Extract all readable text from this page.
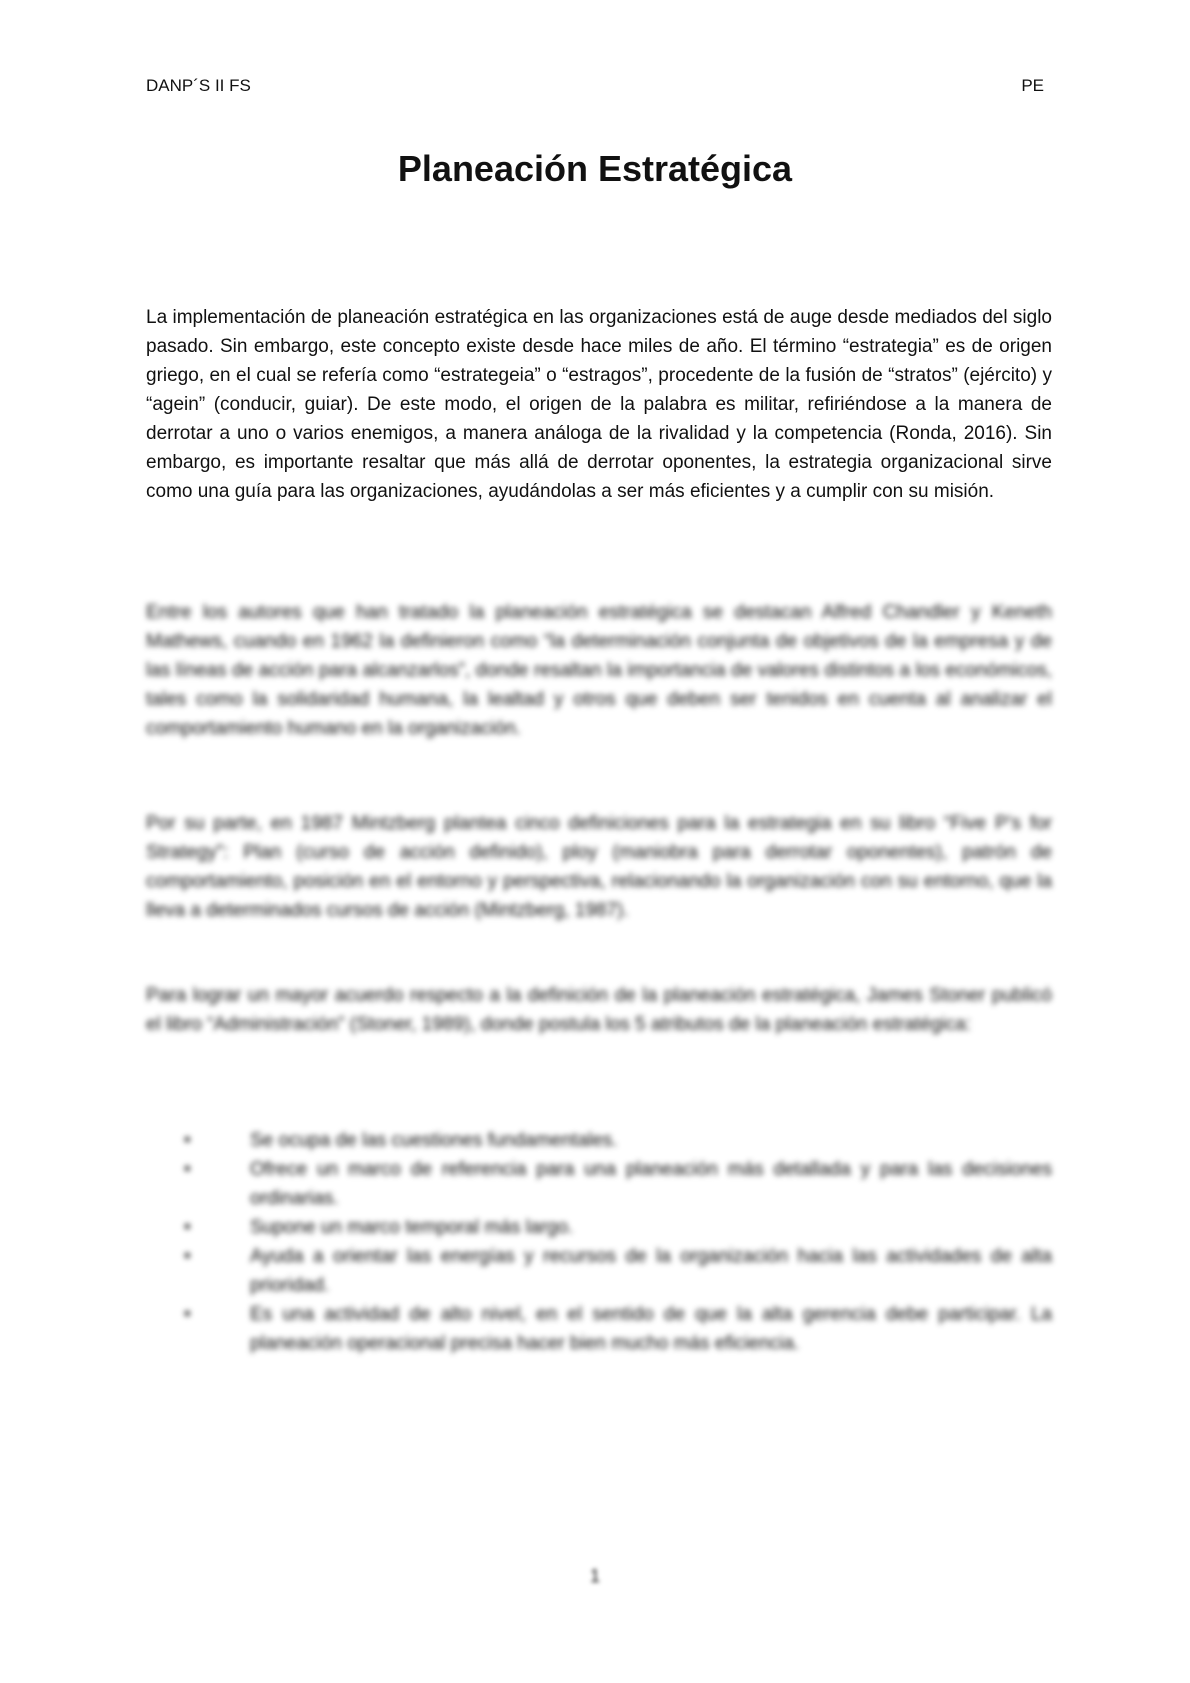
DANP´S II FS	PE
Planeación Estratégica

La implementación de planeación estratégica en las organizaciones está de auge desde mediados del siglo pasado. Sin embargo, este concepto existe desde hace miles de año. El término “estrategia” es de origen griego, en el cual se refería como “estrategeia” o “estragos”, procedente de la fusión de “stratos” (ejército) y “agein” (conducir, guiar). De este modo, el origen de la palabra es militar, refiriéndose a la manera de derrotar a uno o varios enemigos, a manera análoga de la rivalidad y la competencia (Ronda, 2016). Sin embargo, es importante resaltar que más allá de derrotar oponentes, la estrategia organizacional sirve como una guía para las organizaciones, ayudándolas a ser más eficientes y a cumplir con su misión.

Entre los autores que han tratado la planeación estratégica se destacan Alfred Chandler y Keneth Mathews, cuando en 1962 la definieron como “la determinación conjunta de objetivos de la empresa y de las líneas de acción para alcanzarlos”, donde resaltan la importancia de valores distintos a los económicos, tales como la solidaridad humana, la lealtad y otros que deben ser tenidos en cuenta al analizar el comportamiento humano en la organización.

Por su parte, en 1987 Mintzberg plantea cinco definiciones para la estrategia en su libro “Five P’s for Strategy”: Plan (curso de acción definido), ploy (maniobra para derrotar oponentes), patrón de comportamiento, posición en el entorno y perspectiva, relacionando la organización con su entorno, que la lleva a determinados cursos de acción (Mintzberg, 1987).

Para lograr un mayor acuerdo respecto a la definición de la planeación estratégica, James Stoner publicó el libro “Administración” (Stoner, 1989), donde postula los 5 atributos de la planeación estratégica:

•	Se ocupa de las cuestiones fundamentales.
•	Ofrece un marco de referencia para una planeación más detallada y para las decisiones ordinarias.
•	Supone un marco temporal más largo.
•	Ayuda a orientar las energías y recursos de la organización hacia las actividades de alta prioridad.
•	Es una actividad de alto nivel, en el sentido de que la alta gerencia debe participar. La planeación operacional precisa hacer bien mucho más eficiencia.
1
